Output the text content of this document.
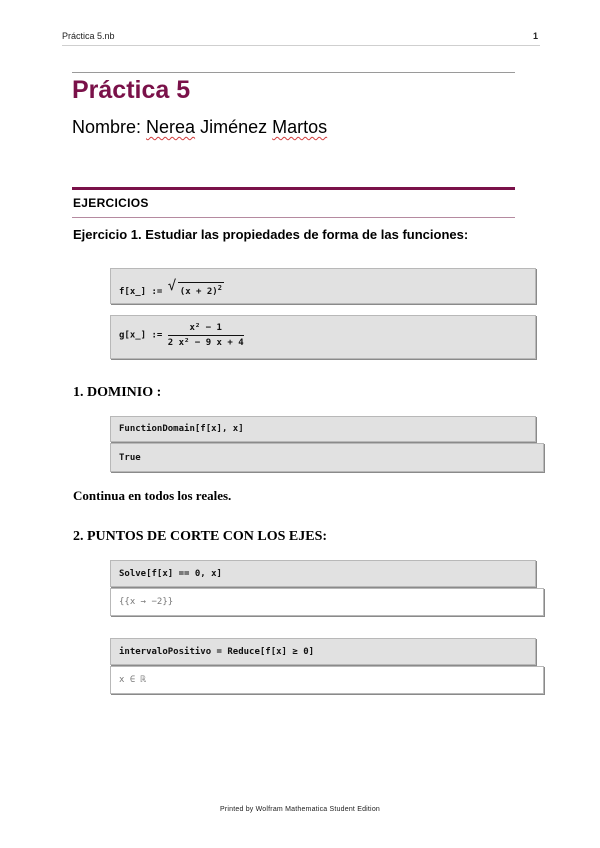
Práctica 5.nb	1
Práctica 5
Nombre: Nerea Jiménez Martos
EJERCICIOS
Ejercicio 1. Estudiar las propiedades de forma de las funciones:
f[x_] := √ $(x + 2)^2$
g[x_] := $\frac{\text{x² − 1}}{\text{2 x² − 9 x + 4}}$
1. DOMINIO :
FunctionDomain[f[x], x]
True
Continua en todos los reales.
2. PUNTOS DE CORTE CON LOS EJES:
Solve[f[x] == 0, x]
{{x → −2}}
intervaloPositivo = Reduce[f[x] ≥ 0]
x ∈ ℝ
Printed by Wolfram Mathematica Student Edition
